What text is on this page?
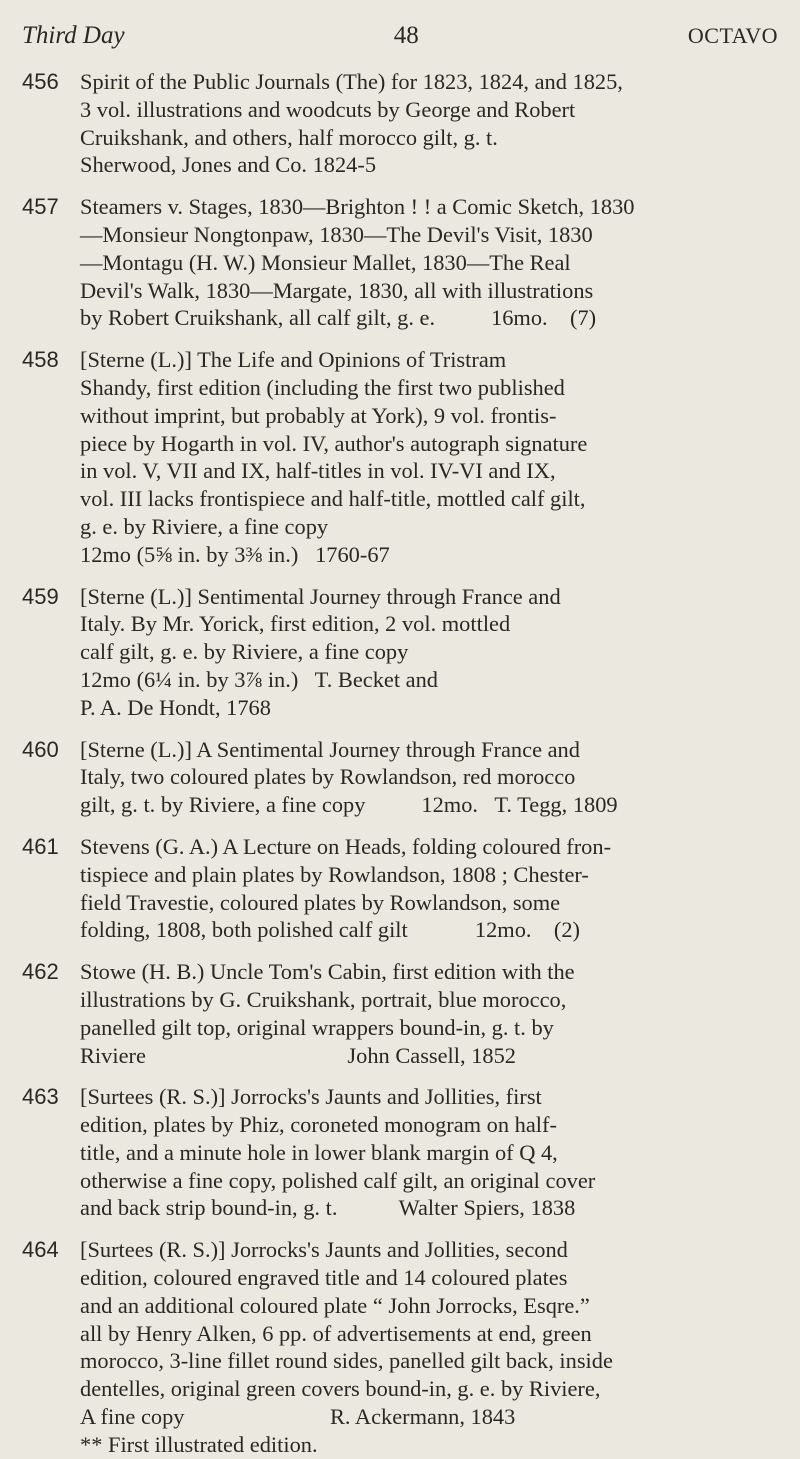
Third Day	48	OCTAVO
456 Spirit of the Public Journals (The) for 1823, 1824, and 1825,
3 vol. illustrations and woodcuts by George and Robert
Cruikshank, and others, half morocco gilt, g. t.
Sherwood, Jones and Co. 1824-5
457 Steamers v. Stages, 1830—Brighton ! ! a Comic Sketch, 1830
—Monsieur Nongtonpaw, 1830—The Devil's Visit, 1830
—Montagu (H. W.) Monsieur Mallet, 1830—The Real
Devil's Walk, 1830—Margate, 1830, all with illustrations
by Robert Cruikshank, all calf gilt, g. e.          16mo.    (7)
458 [Sterne (L.)] The Life and Opinions of Tristram
Shandy, first edition (including the first two published
without imprint, but probably at York), 9 vol. frontis-
piece by Hogarth in vol. IV, author's autograph signature
in vol. V, VII and IX, half-titles in vol. IV-VI and IX,
vol. III lacks frontispiece and half-title, mottled calf gilt,
g. e. by Riviere, a fine copy
12mo (5⅝ in. by 3⅜ in.)   1760-67
459 [Sterne (L.)] Sentimental Journey through France and
Italy. By Mr. Yorick, first edition, 2 vol. mottled
calf gilt, g. e. by Riviere, a fine copy
12mo (6¼ in. by 3⅞ in.)   T. Becket and
P. A. De Hondt, 1768
460 [Sterne (L.)] A Sentimental Journey through France and
Italy, two coloured plates by Rowlandson, red morocco
gilt, g. t. by Riviere, a fine copy          12mo.   T. Tegg, 1809
461 Stevens (G. A.) A Lecture on Heads, folding coloured fron-
tispiece and plain plates by Rowlandson, 1808 ; Chester-
field Travestie, coloured plates by Rowlandson, some
folding, 1808, both polished calf gilt            12mo.    (2)
462 Stowe (H. B.) Uncle Tom's Cabin, first edition with the
illustrations by G. Cruikshank, portrait, blue morocco,
panelled gilt top, original wrappers bound-in, g. t. by
Riviere                                    John Cassell, 1852
463 [Surtees (R. S.)] Jorrocks's Jaunts and Jollities, first
edition, plates by Phiz, coroneted monogram on half-
title, and a minute hole in lower blank margin of Q 4,
otherwise a fine copy, polished calf gilt, an original cover
and back strip bound-in, g. t.           Walter Spiers, 1838
464 [Surtees (R. S.)] Jorrocks's Jaunts and Jollities, second
edition, coloured engraved title and 14 coloured plates
and an additional coloured plate “ John Jorrocks, Esqre.”
all by Henry Alken, 6 pp. of advertisements at end, green
morocco, 3-line fillet round sides, panelled gilt back, inside
dentelles, original green covers bound-in, g. e. by Riviere,
A fine copy                          R. Ackermann, 1843
** First illustrated edition.
